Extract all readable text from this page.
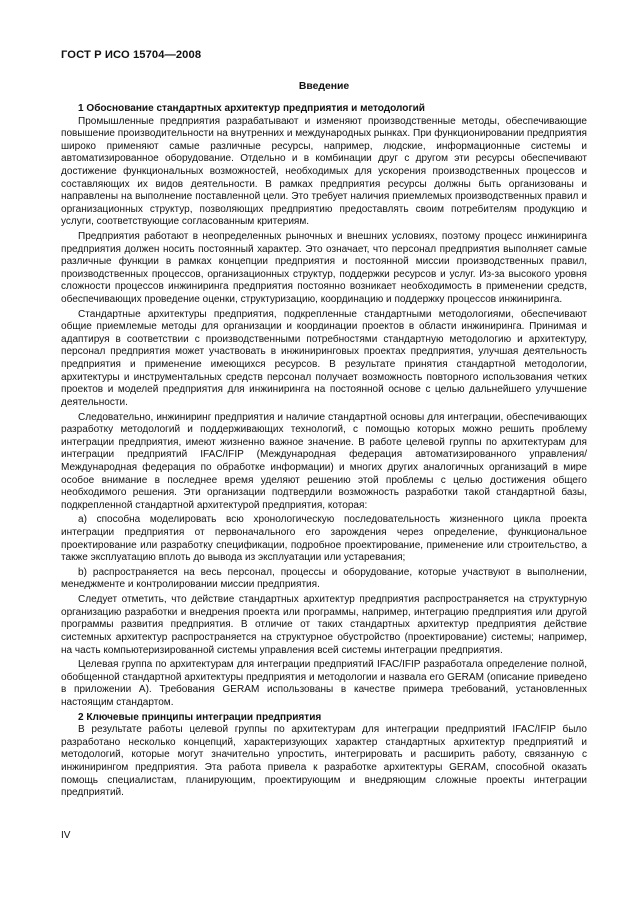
ГОСТ Р ИСО 15704—2008
Введение

1 Обоснование стандартных архитектур предприятия и методологий

Промышленные предприятия разрабатывают и изменяют производственные методы, обеспечивающие повышение производительности на внутренних и международных рынках. При функционировании предприятия широко применяют самые различные ресурсы, например, людские, информационные системы и автоматизированное оборудование. Отдельно и в комбинации друг с другом эти ресурсы обеспечивают достижение функциональных возможностей, необходимых для ускорения производственных процессов и составляющих их видов деятельности. В рамках предприятия ресурсы должны быть организованы и направлены на выполнение поставленной цели. Это требует наличия приемлемых производственных правил и организационных структур, позволяющих предприятию предоставлять своим потребителям продукцию и услуги, соответствующие согласованным критериям.

Предприятия работают в неопределенных рыночных и внешних условиях, поэтому процесс инжиниринга предприятия должен носить постоянный характер. Это означает, что персонал предприятия выполняет самые различные функции в рамках концепции предприятия и постоянной миссии производственных правил, производственных процессов, организационных структур, поддержки ресурсов и услуг. Из-за высокого уровня сложности процессов инжиниринга предприятия постоянно возникает необходимость в применении средств, обеспечивающих проведение оценки, структуризацию, координацию и поддержку процессов инжиниринга.

Стандартные архитектуры предприятия, подкрепленные стандартными методологиями, обеспечивают общие приемлемые методы для организации и координации проектов в области инжиниринга. Принимая и адаптируя в соответствии с производственными потребностями стандартную методологию и архитектуру, персонал предприятия может участвовать в инжиниринговых проектах предприятия, улучшая деятельность предприятия и применение имеющихся ресурсов. В результате принятия стандартной методологии, архитектуры и инструментальных средств персонал получает возможность повторного использования четких проектов и моделей предприятия для инжиниринга на постоянной основе с целью дальнейшего улучшение деятельности.

Следовательно, инжиниринг предприятия и наличие стандартной основы для интеграции, обеспечивающих разработку методологий и поддерживающих технологий, с помощью которых можно решить проблему интеграции предприятия, имеют жизненно важное значение. В работе целевой группы по архитектурам для интеграции предприятий IFAC/IFIP (Международная федерация автоматизированного управления/Международная федерация по обработке информации) и многих других аналогичных организаций в мире особое внимание в последнее время уделяют решению этой проблемы с целью достижения общего необходимого решения. Эти организации подтвердили возможность разработки такой стандартной базы, подкрепленной стандартной архитектурой предприятия, которая:

а) способна моделировать всю хронологическую последовательность жизненного цикла проекта интеграции предприятия от первоначального его зарождения через определение, функциональное проектирование или разработку спецификации, подробное проектирование, применение или строительство, а также эксплуатацию вплоть до вывода из эксплуатации или устаревания;

b) распространяется на весь персонал, процессы и оборудование, которые участвуют в выполнении, менеджменте и контролировании миссии предприятия.

Следует отметить, что действие стандартных архитектур предприятия распространяется на структурную организацию разработки и внедрения проекта или программы, например, интеграцию предприятия или другой программы развития предприятия. В отличие от таких стандартных архитектур предприятия действие системных архитектур распространяется на структурное обустройство (проектирование) системы; например, на часть компьютеризированной системы управления всей системы интеграции предприятия.

Целевая группа по архитектурам для интеграции предприятий IFAC/IFIP разработала определение полной, обобщенной стандартной архитектуры предприятия и методологии и назвала его GERAM (описание приведено в приложении А). Требования GERAM использованы в качестве примера требований, установленных настоящим стандартом.

2 Ключевые принципы интеграции предприятия

В результате работы целевой группы по архитектурам для интеграции предприятий IFAC/IFIP было разработано несколько концепций, характеризующих характер стандартных архитектур предприятий и методологий, которые могут значительно упростить, интегрировать и расширить работу, связанную с инжинирингом предприятия. Эта работа привела к разработке архитектуры GERAM, способной оказать помощь специалистам, планирующим, проектирующим и внедряющим сложные проекты интеграции предприятий.

IV
